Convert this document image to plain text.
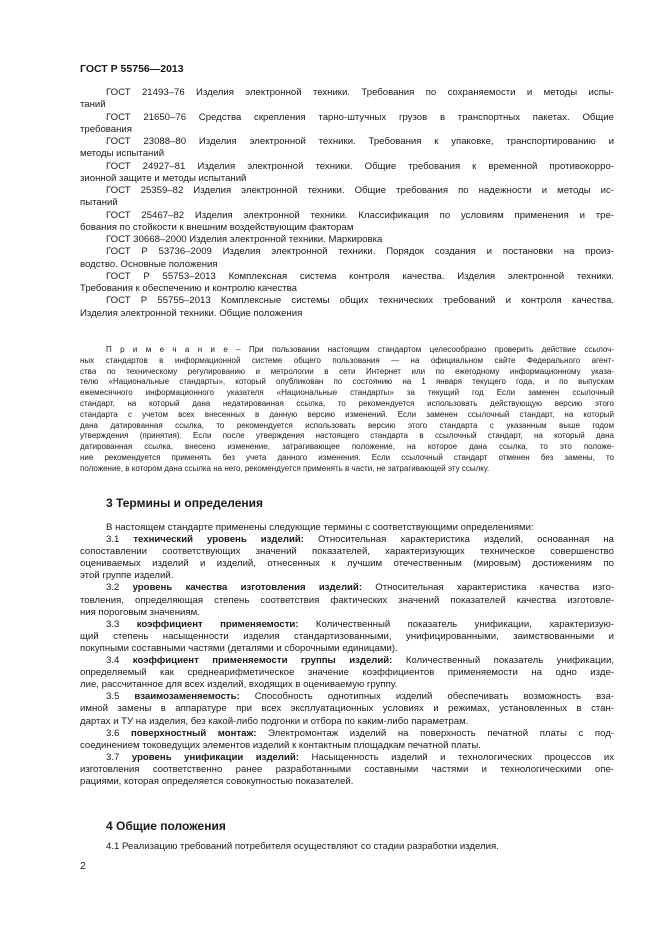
ГОСТ Р 55756—2013
ГОСТ 21493–76 Изделия электронной техники. Требования по сохраняемости и методы испы-
таний
ГОСТ 21650–76 Средства скрепления тарно-штучных грузов в транспортных пакетах. Общие
требования
ГОСТ 23088–80 Изделия электронной техники. Требования к упаковке, транспортированию и
методы испытаний
ГОСТ 24927–81 Изделия электронной техники. Общие требования к временной противокорро-
зионной защите и методы испытаний
ГОСТ 25359–82 Изделия электронной техники. Общие требования по надежности и методы ис-
пытаний
ГОСТ 25467–82 Изделия электронной техники. Классификация по условиям применения и тре-
бования по стойкости к внешним воздействующим факторам
ГОСТ 30668–2000 Изделия электронной техники. Маркировка
ГОСТ Р 53736–2009 Изделия электронной техники. Порядок создания и постановки на произ-
водство. Основные положения
ГОСТ Р 55753–2013 Комплексная система контроля качества. Изделия электронной техники.
Требования к обеспечению и контролю качества
ГОСТ Р 55755–2013 Комплексные системы общих технических требований и контроля качества.
Изделия электронной техники. Общие положения
П р и м е ч а н и е – При пользовании настоящим стандартом целесообразно проверить действие ссылоч-
ных стандартов в информационной системе общего пользования — на официальном сайте Федерального агент-
ства по техническому регулированию и метрологии в сети Интернет или по ежегодному информационному указа-
телю «Национальные стандарты», который опубликован по состоянию на 1 января текущего года, и по выпускам
ежемесячного информационного указателя «Национальные стандарты» за текущий год Если заменен ссылочный
стандарт, на который дана недатированная ссылка, то рекомендуется использовать действующую версию этого
стандарта с учетом всех внесенных в данную версию изменений. Если заменен ссылочный стандарт, на который
дана датированная ссылка, то рекомендуется использовать версию этого стандарта с указанным выше годом
утверждения (принятия). Если после утверждения настоящего стандарта в ссылочный стандарт, на который дана
датированная ссылка, внесено изменение, затрагивающее положение, на которое дана ссылка, то это положе-
ние рекомендуется применять без учета данного изменения. Если ссылочный стандарт отменен без замены, то
положение, в котором дана ссылка на него, рекомендуется применять в части, не затрагивающей эту ссылку.
3 Термины и определения
В настоящем стандарте применены следующие термины с соответствующими определениями:
3.1 технический уровень изделий: Относительная характеристика изделий, основанная на
сопоставлении соответствующих значений показателей, характеризующих техническое совершенство
оцениваемых изделий и изделий, отнесенных к лучшим отечественным (мировым) достижениям по
этой группе изделий.
3.2 уровень качества изготовления изделий: Относительная характеристика качества изго-
товления, определяющая степень соответствия фактических значений показателей качества изготовле-
ния пороговым значениям.
3.3 коэффициент применяемости: Количественный показатель унификации, характеризую-
щий степень насыщенности изделия стандартизованными, унифицированными, заимствованными и
покупными составными частями (деталями и сборочными единицами).
3.4 коэффициент применяемости группы изделий: Количественный показатель унификации,
определяемый как среднеарифметическое значение коэффициентов применяемости на одно изде-
лие, рассчитанное для всех изделий, входящих в оцениваемую группу.
3.5 взаимозаменяемость: Способность однотипных изделий обеспечивать возможность вза-
имной замены в аппаратуре при всех эксплуатационных условиях и режимах, установленных в стан-
дартах и ТУ на изделия, без какой-либо подгонки и отбора по каким-либо параметрам.
3.6 поверхностный монтаж: Электромонтаж изделий на поверхность печатной платы с под-
соединением токоведущих элементов изделий к контактным площадкам печатной платы.
3.7 уровень унификации изделий: Насыщенность изделий и технологических процессов их
изготовления соответственно ранее разработанными составными частями и технологическими опе-
рациями, которая определяется совокупностью показателей.
4 Общие положения
4.1 Реализацию требований потребителя осуществляют со стадии разработки изделия.
2
